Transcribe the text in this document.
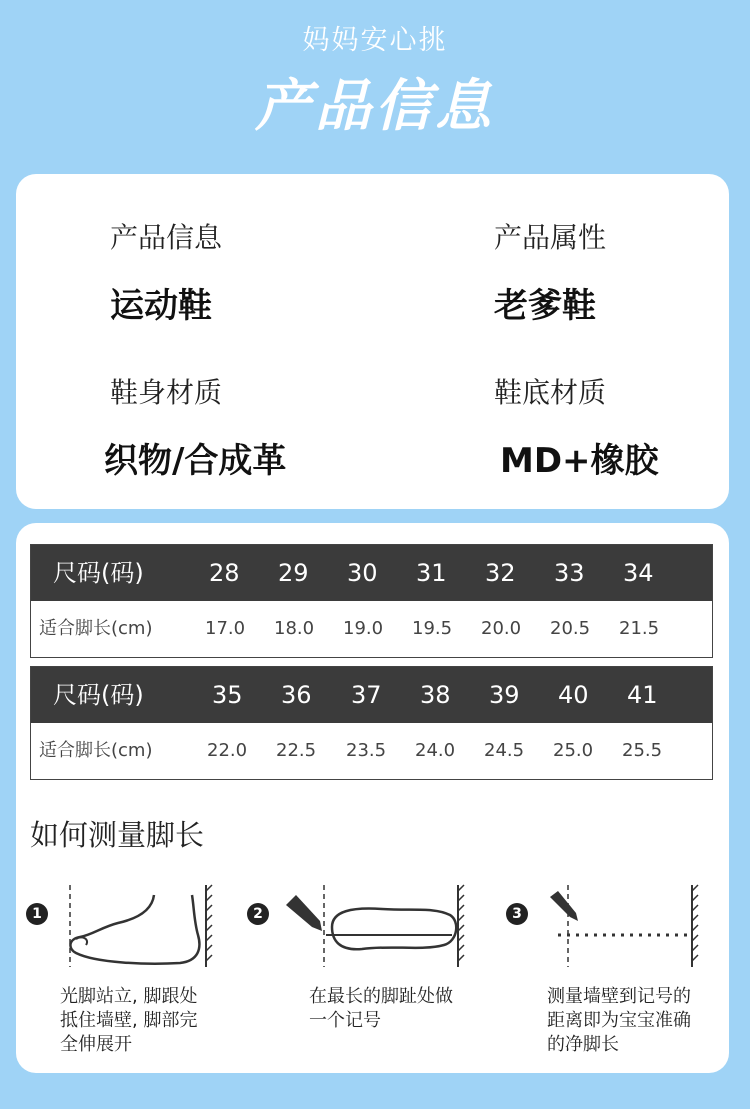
妈妈安心挑
产品信息
产品信息
运动鞋
产品属性
老爹鞋
鞋身材质
织物/合成革
鞋底材质
MD+橡胶
尺码(码)	28 29 30 31 32 33 34
适合脚长(cm)	17.0 18.0 19.0 19.5 20.0 20.5 21.5
尺码(码)	35 36 37 38 39 40 41
适合脚长(cm)	22.0 22.5 23.5 24.0 24.5 25.0 25.5
如何测量脚长
1
光脚站立, 脚跟处
抵住墙壁, 脚部完
全伸展开
2
在最长的脚趾处做
一个记号
3
测量墙壁到记号的
距离即为宝宝准确
的净脚长
